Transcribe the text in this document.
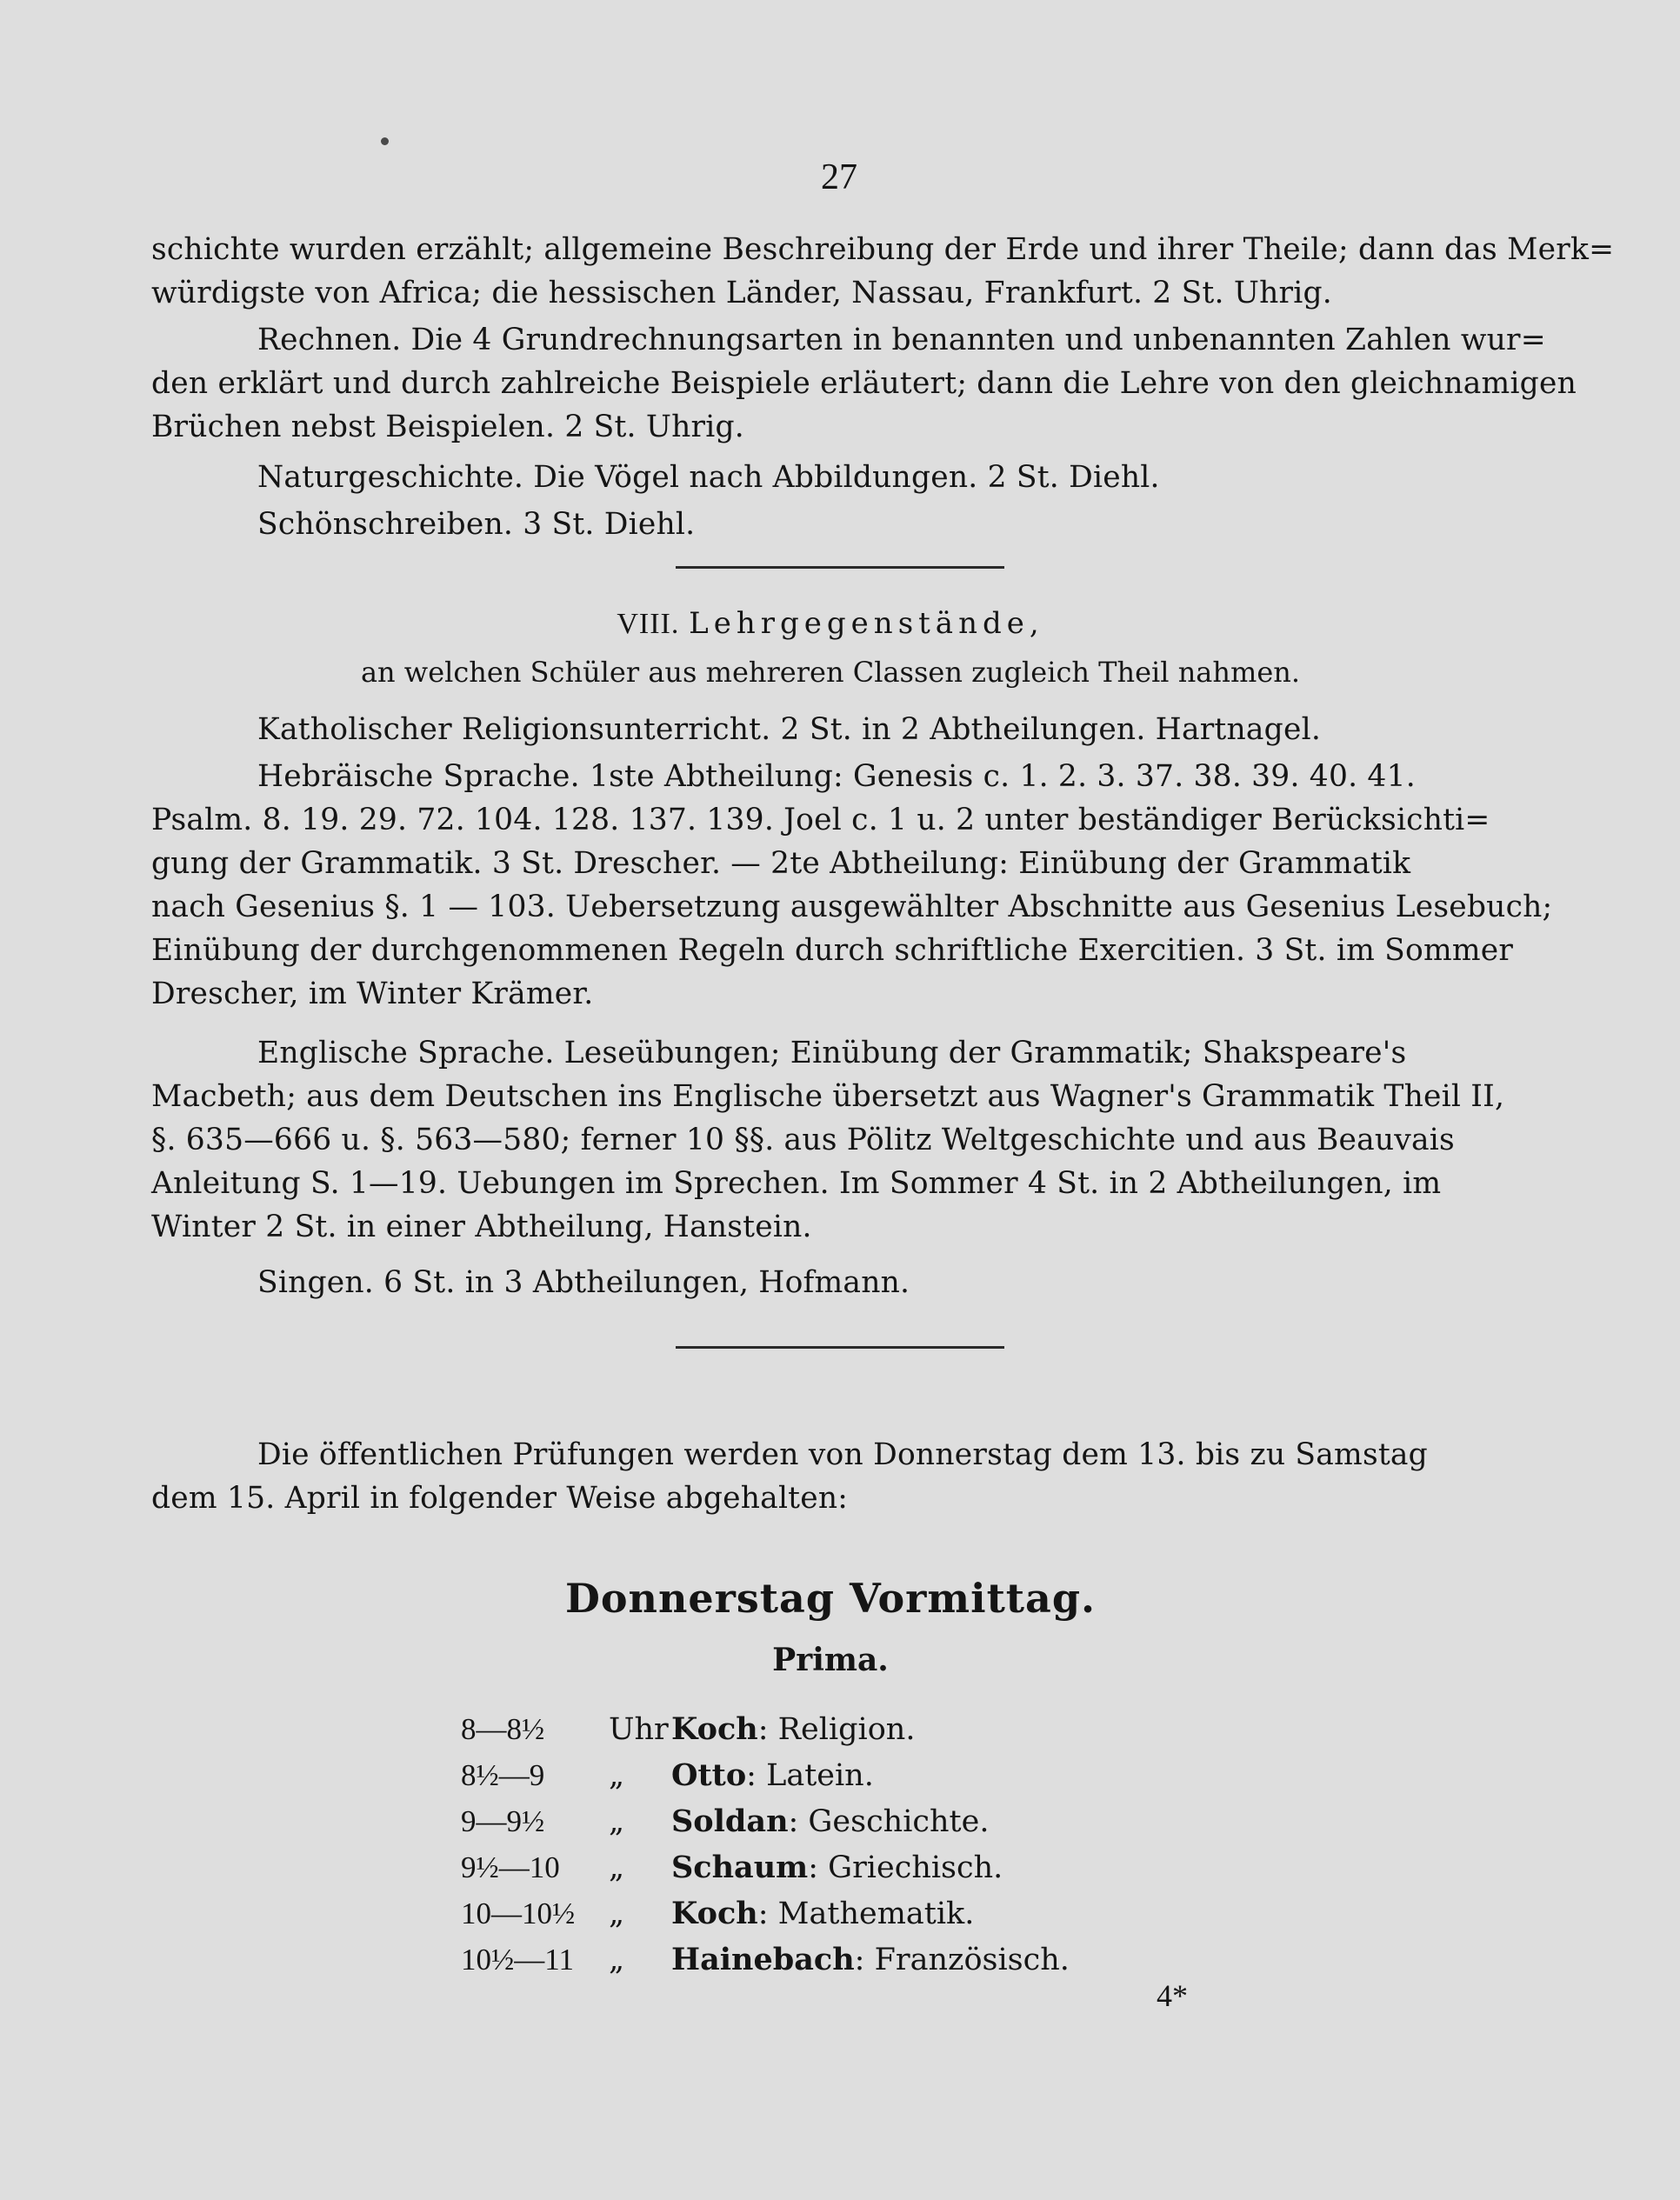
27
schichte wurden erzählt; allgemeine Beschreibung der Erde und ihrer Theile; dann das Merk=
würdigste von Africa; die hessischen Länder, Nassau, Frankfurt. 2 St. Uhrig.
Rechnen. Die 4 Grundrechnungsarten in benannten und unbenannten Zahlen wur=
den erklärt und durch zahlreiche Beispiele erläutert; dann die Lehre von den gleichnamigen
Brüchen nebst Beispielen. 2 St. Uhrig.
Naturgeschichte. Die Vögel nach Abbildungen. 2 St. Diehl.
Schönschreiben. 3 St. Diehl.
VIII. Lehrgegenstände,
an welchen Schüler aus mehreren Classen zugleich Theil nahmen.
Katholischer Religionsunterricht. 2 St. in 2 Abtheilungen. Hartnagel.
Hebräische Sprache. 1ste Abtheilung: Genesis c. 1. 2. 3. 37. 38. 39. 40. 41.
Psalm. 8. 19. 29. 72. 104. 128. 137. 139. Joel c. 1 u. 2 unter beständiger Berücksichti=
gung der Grammatik. 3 St. Drescher. — 2te Abtheilung: Einübung der Grammatik
nach Gesenius §. 1 — 103. Uebersetzung ausgewählter Abschnitte aus Gesenius Lesebuch;
Einübung der durchgenommenen Regeln durch schriftliche Exercitien. 3 St. im Sommer
Drescher, im Winter Krämer.
Englische Sprache. Leseübungen; Einübung der Grammatik; Shakspeare's
Macbeth; aus dem Deutschen ins Englische übersetzt aus Wagner's Grammatik Theil II,
§. 635—666 u. §. 563—580; ferner 10 §§. aus Pölitz Weltgeschichte und aus Beauvais
Anleitung S. 1—19. Uebungen im Sprechen. Im Sommer 4 St. in 2 Abtheilungen, im
Winter 2 St. in einer Abtheilung, Hanstein.
Singen. 6 St. in 3 Abtheilungen, Hofmann.
Die öffentlichen Prüfungen werden von Donnerstag dem 13. bis zu Samstag
dem 15. April in folgender Weise abgehalten:
Donnerstag Vormittag.
Prima.
8—8½	Uhr Koch : Religion.
8½—9	„	Otto : Latein.
9—9½	„	Soldan : Geschichte.
9½—10	„	Schaum : Griechisch.
10—10½	„	Koch : Mathematik.
10½—11	„	Hainebach : Französisch.
4*
